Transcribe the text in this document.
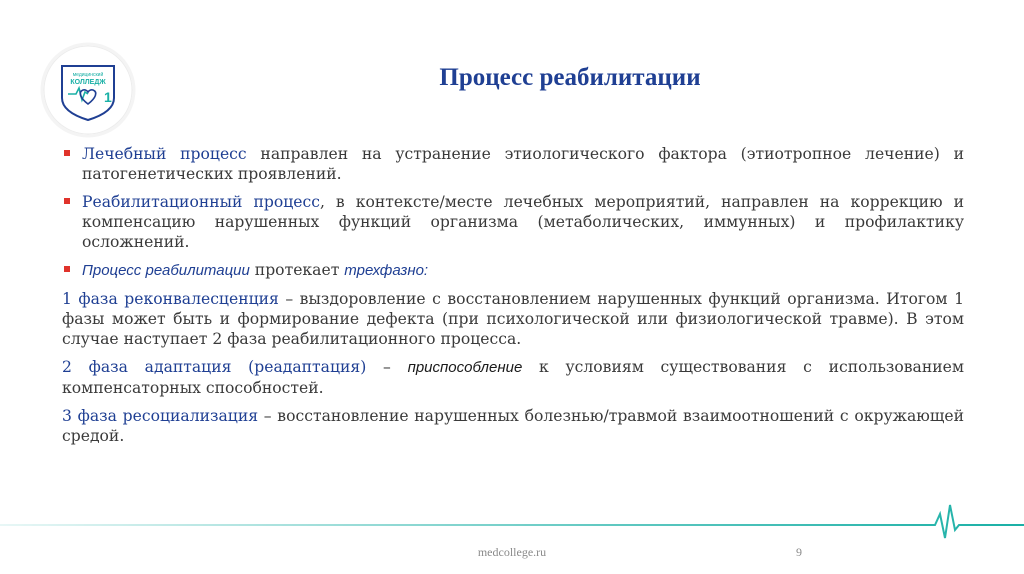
медицинский
КОЛЛЕДЖ
1
Процесс реабилитации

Лечебный процесс направлен на устранение этиологического фактора (этиотропное лечение) и патогенетических проявлений.

Реабилитационный процесс, в контексте/месте лечебных мероприятий, направлен на коррекцию и компенсацию нарушенных функций организма (метаболических, иммунных) и профилактику осложнений.

Процесс реабилитации протекает трехфазно:

1 фаза реконвалесценция – выздоровление с восстановлением нарушенных функций организма. Итогом 1 фазы может быть и формирование дефекта (при психологической или физиологической травме). В этом случае наступает 2 фаза реабилитационного процесса.

2 фаза адаптация (реадаптация) – приспособление к условиям существования с использованием компенсаторных способностей.

3 фаза ресоциализация – восстановление нарушенных болезнью/травмой взаимоотношений с окружающей средой.

medcollege.ru	9
